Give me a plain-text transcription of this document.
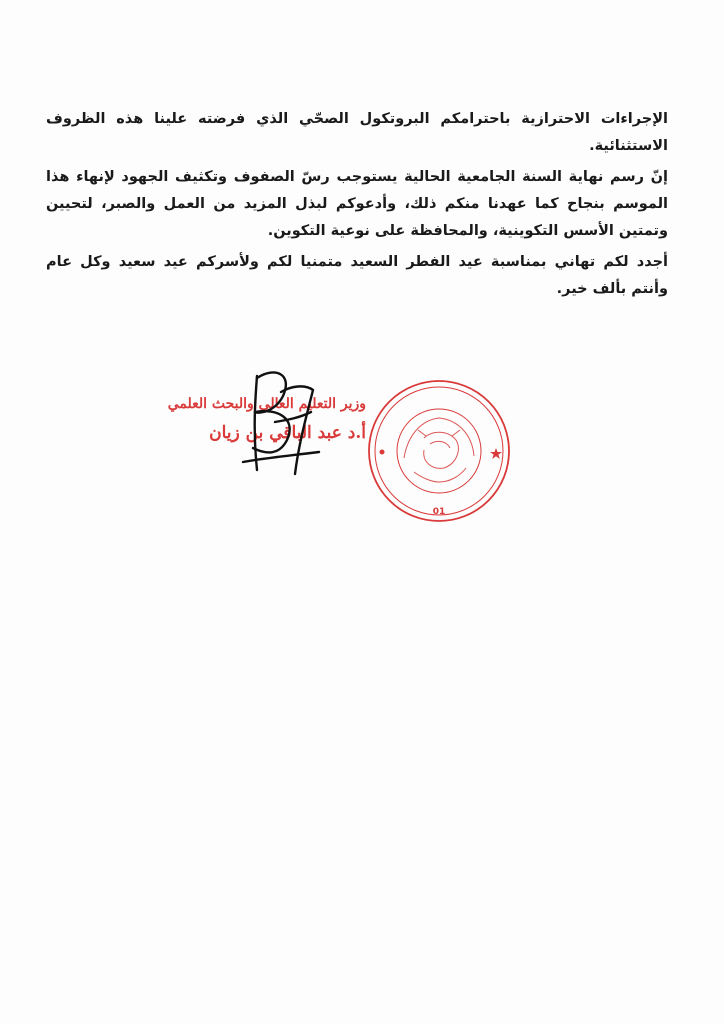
الإجراءات الاحترازية باحترامكم البروتكول الصحّي الذي فرضته علينا هذه الظروف الاستثنائية.

إنّ رسم نهاية السنة الجامعية الحالية يستوجب رسّ الصفوف وتكثيف الجهود لإنهاء هذا الموسم بنجاح كما عهدنا منكم ذلك، وأدعوكم لبذل المزيد من العمل والصبر، لتحيين وتمتين الأسس التكوينية، والمحافظة على نوعية التكوين.

أجدد لكم تهاني بمناسبة عيد الفطر السعيد متمنيا لكم ولأسركم عيد سعيد وكل عام وأنتم بألف خير.

وزير التعليم العالي والبحث العلمي
أ.د عبد الباقي بن زيان
01
